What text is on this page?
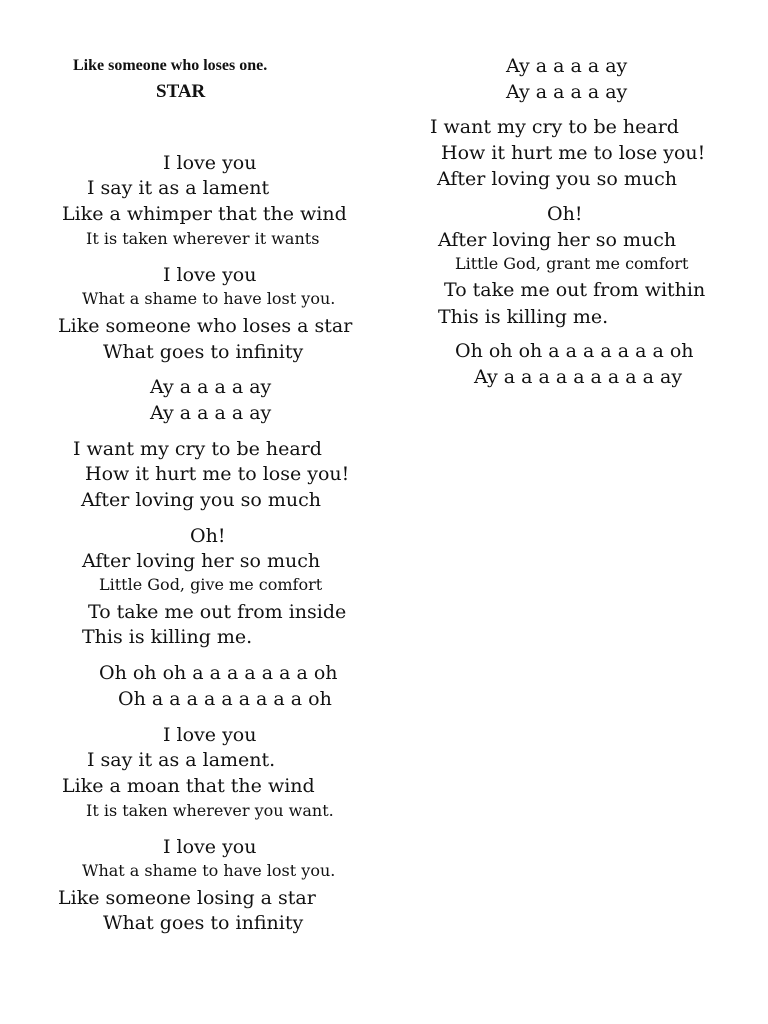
Like someone who loses one.
STAR
I love you
I say it as a lament
Like a whimper that the wind
It is taken wherever it wants
I love you
What a shame to have lost you.
Like someone who loses a star
What goes to infinity
Ay a a a a ay
Ay a a a a ay
I want my cry to be heard
How it hurt me to lose you!
After loving you so much
Oh!
After loving her so much
Little God, give me comfort
To take me out from inside
This is killing me.
Oh oh oh a a a a a a a oh
Oh a a a a a a a a a oh
I love you
I say it as a lament.
Like a moan that the wind
It is taken wherever you want.
I love you
What a shame to have lost you.
Like someone losing a star
What goes to infinity
Ay a a a a ay
Ay a a a a ay
I want my cry to be heard
How it hurt me to lose you!
After loving you so much
Oh!
After loving her so much
Little God, grant me comfort
To take me out from within
This is killing me.
Oh oh oh a a a a a a a oh
Ay a a a a a a a a a ay
